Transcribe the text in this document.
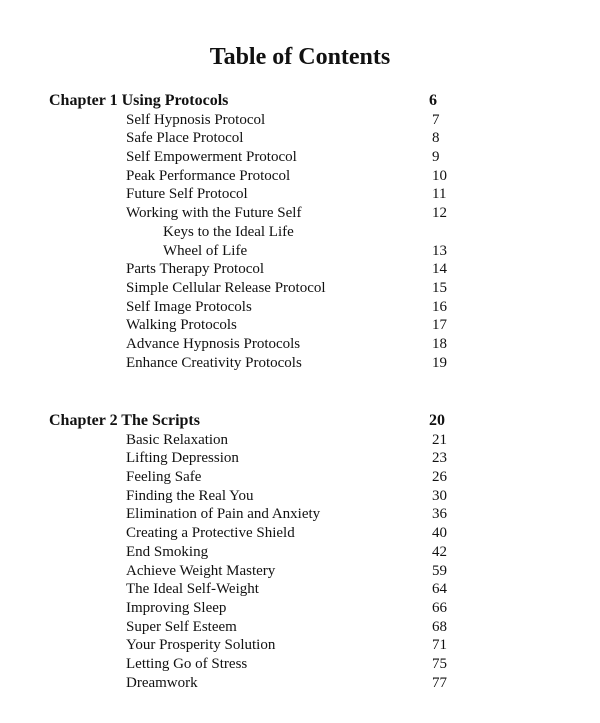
Table of Contents
Chapter 1 Using Protocols	6
Self Hypnosis Protocol	7
Safe Place Protocol	8
Self Empowerment Protocol	9
Peak Performance Protocol	10
Future Self Protocol	11
Working with the Future Self	12
Keys to the Ideal Life
Wheel of Life	13
Parts Therapy Protocol	14
Simple Cellular Release Protocol	15
Self Image Protocols	16
Walking Protocols	17
Advance Hypnosis Protocols	18
Enhance Creativity Protocols	19
Chapter 2 The Scripts	20
Basic Relaxation	21
Lifting Depression	23
Feeling Safe	26
Finding the Real You	30
Elimination of Pain and Anxiety	36
Creating a Protective Shield	40
End Smoking	42
Achieve Weight Mastery	59
The Ideal Self-Weight	64
Improving Sleep	66
Super Self Esteem	68
Your Prosperity Solution	71
Letting Go of Stress	75
Dreamwork	77
